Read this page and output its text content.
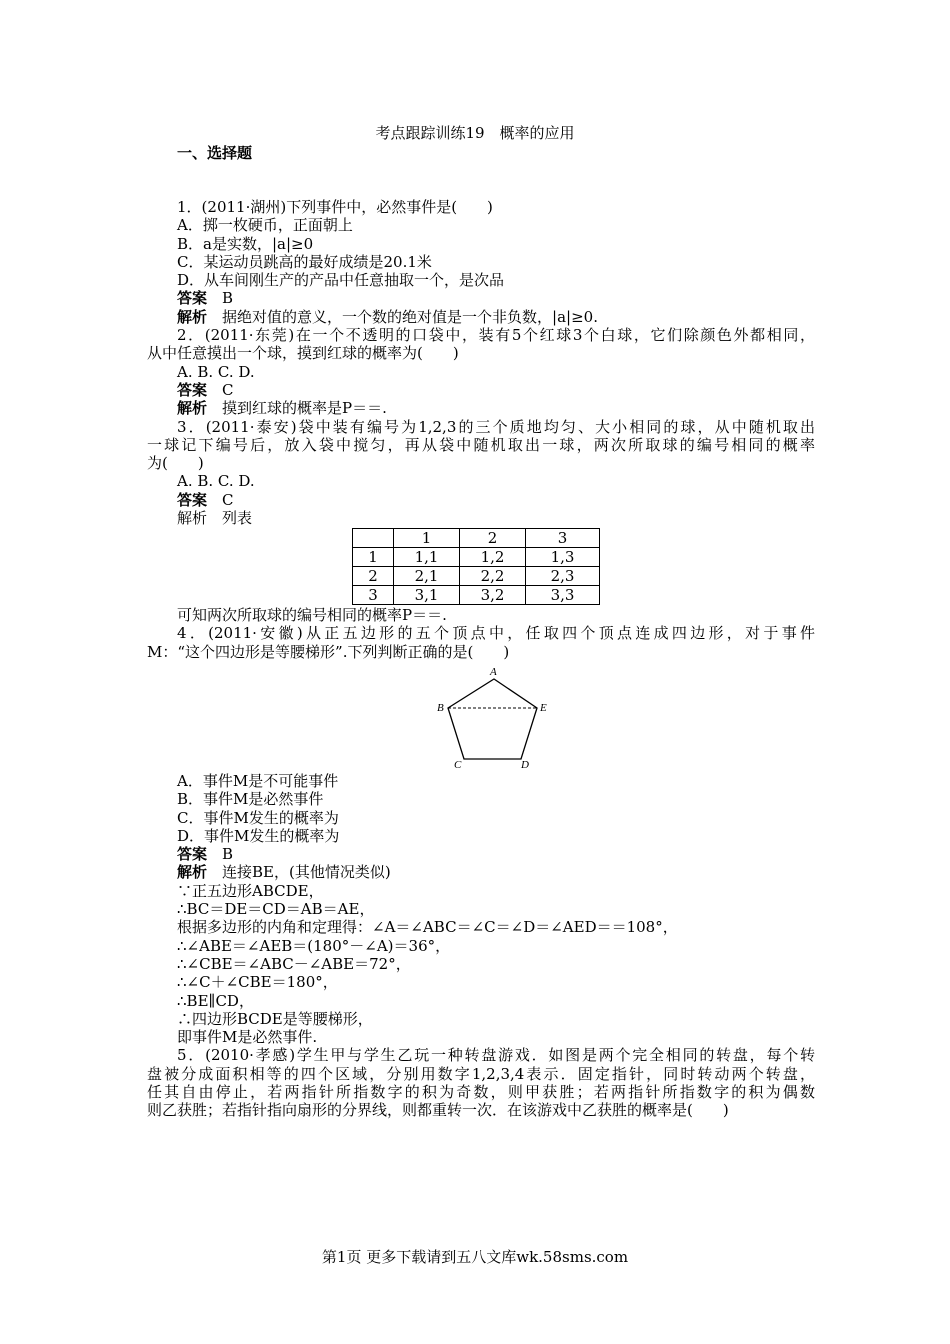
考点跟踪训练19　概率的应用
一、选择题

1．(2011·湖州)下列事件中，必然事件是(　　)

A．掷一枚硬币，正面朝上

B．a是实数，|a|≥0

C．某运动员跳高的最好成绩是20.1米

D．从车间刚生产的产品中任意抽取一个，是次品

答案　 B

解析　 据绝对值的意义，一个数的绝对值是一个非负数，|a|≥0.

2．(2011·东莞)在一个不透明的口袋中，装有5个红球3个白球，它们除颜色外都相同，

从中任意摸出一个球，摸到红球的概率为(　　)

A. B. C. D.

答案　 C

解析　 摸到红球的概率是P＝＝.

3．(2011·泰安)袋中装有编号为1,2,3的三个质地均匀、大小相同的球，从中随机取出

一球记下编号后，放入袋中搅匀，再从袋中随机取出一球，两次所取球的编号相同的概率

为(　　)

A. B. C. D.

答案　 C

解析　 列表

	1	2	3
1	1,1	1,2	1,3
2	2,1	2,2	2,3
3	3,1	3,2	3,3

可知两次所取球的编号相同的概率P＝＝.

4．(2011·安徽)从正五边形的五个顶点中，任取四个顶点连成四边形，对于事件

M：“这个四边形是等腰梯形”.下列判断正确的是(　　)

A
B	E
C	D

A．事件M是不可能事件

B．事件M是必然事件

C．事件M发生的概率为

D．事件M发生的概率为

答案　 B

解析　 连接BE，(其他情况类似)

∵正五边形ABCDE，

∴BC＝DE＝CD＝AB＝AE，

根据多边形的内角和定理得：∠A＝∠ABC＝∠C＝∠D＝∠AED＝＝108°，

∴∠ABE＝∠AEB＝(180°－∠A)＝36°，

∴∠CBE＝∠ABC－∠ABE＝72°，

∴∠C＋∠CBE＝180°，

∴BE∥CD，

∴四边形BCDE是等腰梯形，

即事件M是必然事件.

5．(2010·孝感)学生甲与学生乙玩一种转盘游戏．如图是两个完全相同的转盘，每个转

盘被分成面积相等的四个区域，分别用数字1,2,3,4表示．固定指针，同时转动两个转盘，

任其自由停止，若两指针所指数字的积为奇数，则甲获胜；若两指针所指数字的积为偶数

则乙获胜；若指针指向扇形的分界线，则都重转一次．在该游戏中乙获胜的概率是(　　)

第1页 更多下载请到五八文库wk.58sms.com
